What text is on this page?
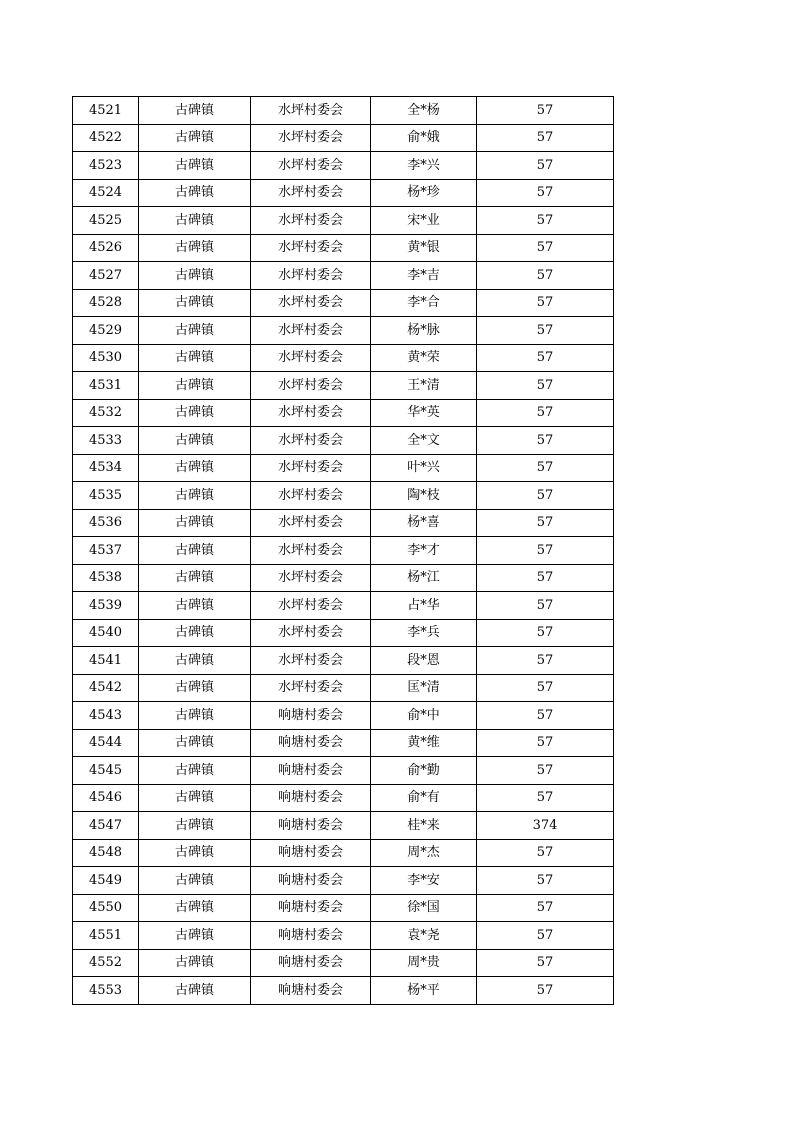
4521	古碑镇	水坪村委会	全*杨	57
4522	古碑镇	水坪村委会	俞*娥	57
4523	古碑镇	水坪村委会	李*兴	57
4524	古碑镇	水坪村委会	杨*珍	57
4525	古碑镇	水坪村委会	宋*业	57
4526	古碑镇	水坪村委会	黄*银	57
4527	古碑镇	水坪村委会	李*吉	57
4528	古碑镇	水坪村委会	李*合	57
4529	古碑镇	水坪村委会	杨*脉	57
4530	古碑镇	水坪村委会	黄*荣	57
4531	古碑镇	水坪村委会	王*清	57
4532	古碑镇	水坪村委会	华*英	57
4533	古碑镇	水坪村委会	全*文	57
4534	古碑镇	水坪村委会	叶*兴	57
4535	古碑镇	水坪村委会	陶*枝	57
4536	古碑镇	水坪村委会	杨*喜	57
4537	古碑镇	水坪村委会	李*才	57
4538	古碑镇	水坪村委会	杨*江	57
4539	古碑镇	水坪村委会	占*华	57
4540	古碑镇	水坪村委会	李*兵	57
4541	古碑镇	水坪村委会	段*恩	57
4542	古碑镇	水坪村委会	匡*清	57
4543	古碑镇	响塘村委会	俞*中	57
4544	古碑镇	响塘村委会	黄*维	57
4545	古碑镇	响塘村委会	俞*勤	57
4546	古碑镇	响塘村委会	俞*有	57
4547	古碑镇	响塘村委会	桂*来	374
4548	古碑镇	响塘村委会	周*杰	57
4549	古碑镇	响塘村委会	李*安	57
4550	古碑镇	响塘村委会	徐*国	57
4551	古碑镇	响塘村委会	袁*尧	57
4552	古碑镇	响塘村委会	周*贵	57
4553	古碑镇	响塘村委会	杨*平	57
